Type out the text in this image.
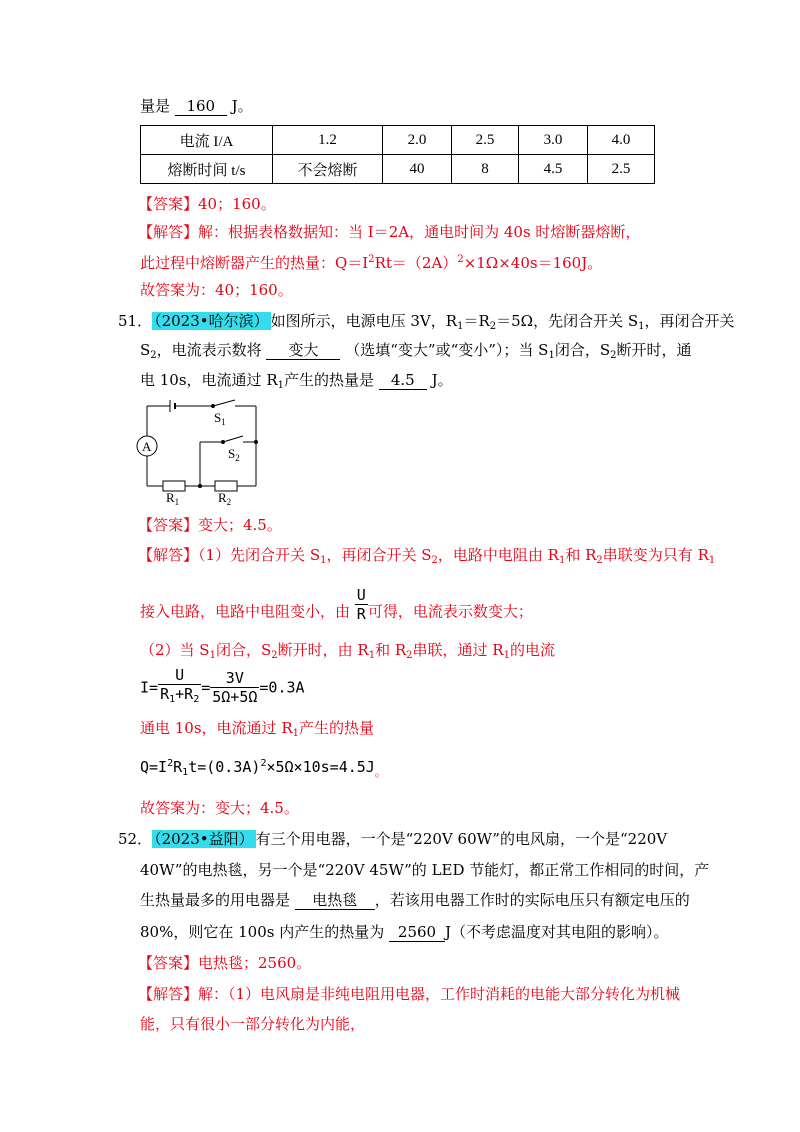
量是 160 J。
电流 I/A	1.2	2.0	2.5	3.0	4.0
熔断时间 t/s	不会熔断	40	8	4.5	2.5
【答案】40；160。
【解答】解：根据表格数据知：当 I＝2A，通电时间为 40s 时熔断器熔断，
此过程中熔断器产生的热量：$Q=I^2Rt=(2A)^2\times 1\Omega\times 40s=160J$。
故答案为：40；160。
51． （2023•哈尔滨） 如图所示，电源电压 3V，$R_1=R_2=5\Omega$，先闭合开关 $S_1$，再闭合开关
$S_2$，电流表示数将 变大 （选填“变大”或“变小”）；当 $S_1$闭合，$S_2$断开时，通
电 10s，电流通过 $R_1$产生的热量是 4.5 J。
A
$S_1$
$S_2$
$R_1$	$R_2$
【答案】变大；4.5。
【解答】（1）先闭合开关 $S_1$，再闭合开关 $S_2$，电路中电阻由 $R_1$和 $R_2$串联变为只有 $R_1$
接入电路，电路中电阻变小，由 $\frac{U}{R}$ 可得，电流表示数变大；
（2）当 $S_1$闭合，$S_2$断开时，由 $R_1$和 $R_2$串联，通过 $R_1$的电流
$I= \frac{U}{R_1+R_2} = \frac{3V}{5\Omega+5\Omega} =0.3A$
通电 10s，电流通过 $R_1$产生的热量
$Q=I^2R_1t=(0.3A)^2\times 5\Omega\times 10s=4.5J_。$
故答案为：变大；4.5。
52． （2023•益阳） 有三个用电器，一个是“220V 60W”的电风扇，一个是“220V
40W”的电热毯，另一个是“220V 45W”的 LED 节能灯，都正常工作相同的时间，产
生热量最多的用电器是 电热毯 ，若该用电器工作时的实际电压只有额定电压的
80%，则它在 100s 内产生的热量为 2560 J（不考虑温度对其电阻的影响）。
【答案】电热毯；2560。
【解答】解：（1）电风扇是非纯电阻用电器，工作时消耗的电能大部分转化为机械
能，只有很小一部分转化为内能，
